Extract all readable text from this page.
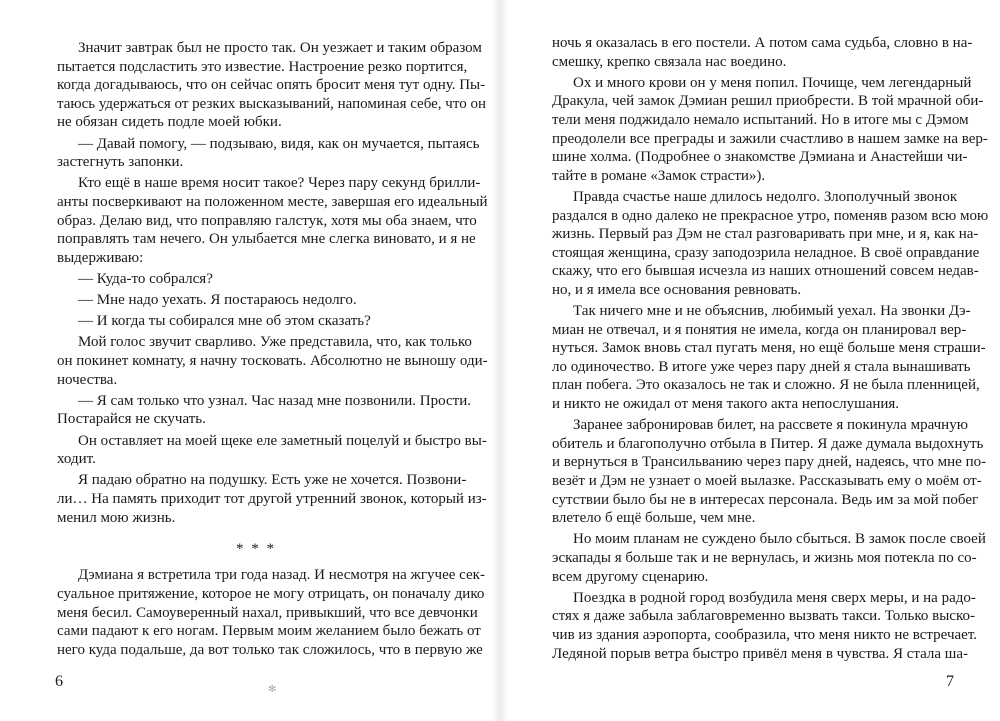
Значит завтрак был не просто так. Он уезжает и таким образом
пытается подсластить это известие. Настроение резко портится,
когда догадываюсь, что он сейчас опять бросит меня тут одну. Пы-
таюсь удержаться от резких высказываний, напоминая себе, что он
не обязан сидеть подле моей юбки.
— Давай помогу, — подзываю, видя, как он мучается, пытаясь
застегнуть запонки.
Кто ещё в наше время носит такое? Через пару секунд брилли-
анты посверкивают на положенном месте, завершая его идеальный
образ. Делаю вид, что поправляю галстук, хотя мы оба знаем, что
поправлять там нечего. Он улыбается мне слегка виновато, и я не
выдерживаю:
— Куда-то собрался?
— Мне надо уехать. Я постараюсь недолго.
— И когда ты собирался мне об этом сказать?
Мой голос звучит сварливо. Уже представила, что, как только
он покинет комнату, я начну тосковать. Абсолютно не выношу оди-
ночества.
— Я сам только что узнал. Час назад мне позвонили. Прости.
Постарайся не скучать.
Он оставляет на моей щеке еле заметный поцелуй и быстро вы-
ходит.
Я падаю обратно на подушку. Есть уже не хочется. Позвони-
ли… На память приходит тот другой утренний звонок, который из-
менил мою жизнь.
* * *
Дэмиана я встретила три года назад. И несмотря на жгучее сек-
суальное притяжение, которое не могу отрицать, он поначалу дико
меня бесил. Самоуверенный нахал, привыкший, что все девчонки
сами падают к его ногам. Первым моим желанием было бежать от
него куда подальше, да вот только так сложилось, что в первую же
ночь я оказалась в его постели. А потом сама судьба, словно в на-
смешку, крепко связала нас воедино.
Ох и много крови он у меня попил. Почище, чем легендарный
Дракула, чей замок Дэмиан решил приобрести. В той мрачной оби-
тели меня поджидало немало испытаний. Но в итоге мы с Дэмом
преодолели все преграды и зажили счастливо в нашем замке на вер-
шине холма. (Подробнее о знакомстве Дэмиана и Анастейши чи-
тайте в романе «Замок страсти»).
Правда счастье наше длилось недолго. Злополучный звонок
раздался в одно далеко не прекрасное утро, поменяв разом всю мою
жизнь. Первый раз Дэм не стал разговаривать при мне, и я, как на-
стоящая женщина, сразу заподозрила неладное. В своё оправдание
скажу, что его бывшая исчезла из наших отношений совсем недав-
но, и я имела все основания ревновать.
Так ничего мне и не объяснив, любимый уехал. На звонки Дэ-
миан не отвечал, и я понятия не имела, когда он планировал вер-
нуться. Замок вновь стал пугать меня, но ещё больше меня страши-
ло одиночество. В итоге уже через пару дней я стала вынашивать
план побега. Это оказалось не так и сложно. Я не была пленницей,
и никто не ожидал от меня такого акта непослушания.
Заранее забронировав билет, на рассвете я покинула мрачную
обитель и благополучно отбыла в Питер. Я даже думала выдохнуть
и вернуться в Трансильванию через пару дней, надеясь, что мне по-
везёт и Дэм не узнает о моей вылазке. Рассказывать ему о моём от-
сутствии было бы не в интересах персонала. Ведь им за мой побег
влетело б ещё больше, чем мне.
Но моим планам не суждено было сбыться. В замок после своей
эскапады я больше так и не вернулась, и жизнь моя потекла по со-
всем другому сценарию.
Поездка в родной город возбудила меня сверх меры, и на радо-
стях я даже забыла заблаговременно вызвать такси. Только выско-
чив из здания аэропорта, сообразила, что меня никто не встречает.
Ледяной порыв ветра быстро привёл меня в чувства. Я стала ша-
6	7
✻
